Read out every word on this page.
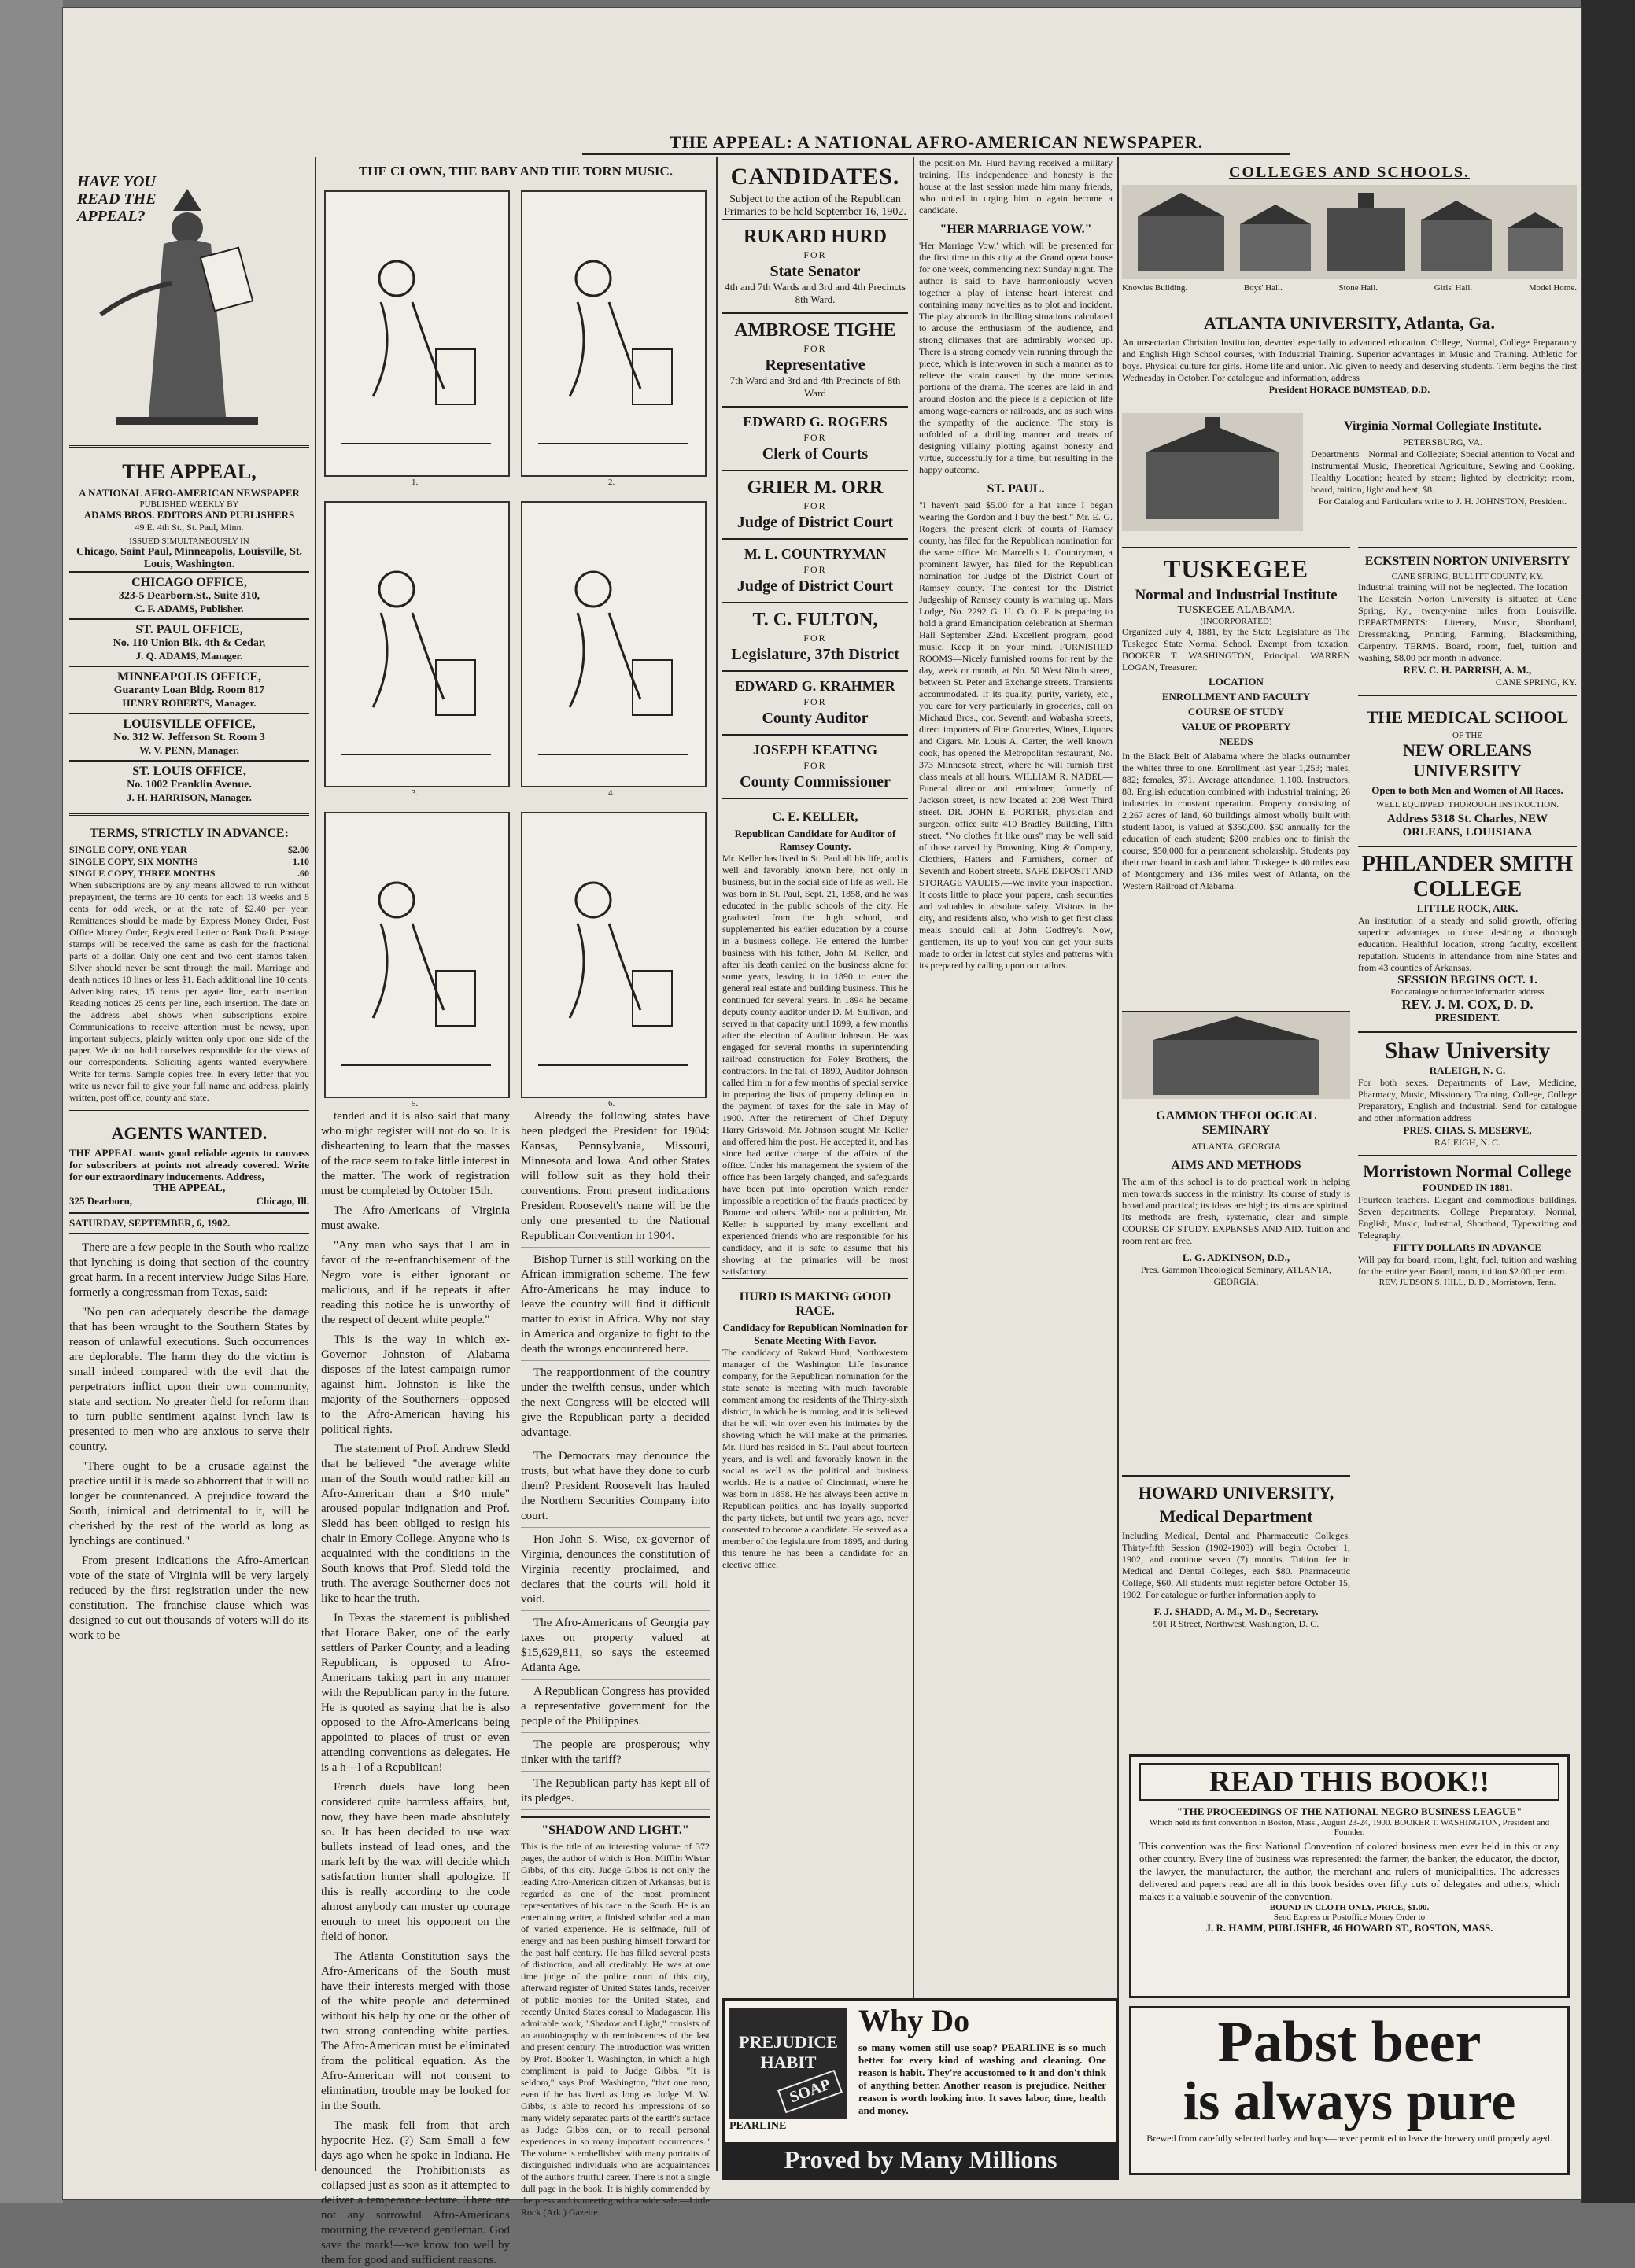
THE APPEAL: A NATIONAL AFRO-AMERICAN NEWSPAPER.
HAVE YOU READ THE APPEAL?
THE APPEAL,
A NATIONAL AFRO-AMERICAN NEWSPAPER
PUBLISHED WEEKLY BY
ADAMS BROS. EDITORS AND PUBLISHERS
49 E. 4th St., St. Paul, Minn.
ISSUED SIMULTANEOUSLY IN
Chicago, Saint Paul, Minneapolis, Louisville, St. Louis, Washington.
CHICAGO OFFICE,
323-5 Dearborn.St., Suite 310,
C. F. ADAMS, Publisher.
ST. PAUL OFFICE,
No. 110 Union Blk. 4th & Cedar,
J. Q. ADAMS, Manager.
MINNEAPOLIS OFFICE,
Guaranty Loan Bldg. Room 817
HENRY ROBERTS, Manager.
LOUISVILLE OFFICE,
No. 312 W. Jefferson St. Room 3
W. V. PENN, Manager.
ST. LOUIS OFFICE,
No. 1002 Franklin Avenue.
J. H. HARRISON, Manager.
TERMS, STRICTLY IN ADVANCE:
SINGLE COPY, ONE YEAR	$2.00
SINGLE COPY, SIX MONTHS	1.10
SINGLE COPY, THREE MONTHS	.60
When subscriptions are by any means allowed to run without prepayment, the terms are 10 cents for each 13 weeks and 5 cents for odd week, or at the rate of $2.40 per year. Remittances should be made by Express Money Order, Post Office Money Order, Registered Letter or Bank Draft. Postage stamps will be received the same as cash for the fractional parts of a dollar. Only one cent and two cent stamps taken. Silver should never be sent through the mail. Marriage and death notices 10 lines or less $1. Each additional line 10 cents. Advertising rates, 15 cents per agate line, each insertion. Reading notices 25 cents per line, each insertion. The date on the address label shows when subscriptions expire. Communications to receive attention must be newsy, upon important subjects, plainly written only upon one side of the paper. We do not hold ourselves responsible for the views of our correspondents. Soliciting agents wanted everywhere. Write for terms. Sample copies free. In every letter that you write us never fail to give your full name and address, plainly written, post office, county and state.
AGENTS WANTED.
THE APPEAL wants good reliable agents to canvass for subscribers at points not already covered. Write for our extraordinary inducements. Address,
THE APPEAL,
325 Dearborn,	Chicago, Ill.
SATURDAY, SEPTEMBER, 6, 1902.

There are a few people in the South who realize that lynching is doing that section of the country great harm. In a recent interview Judge Silas Hare, formerly a congressman from Texas, said:

"No pen can adequately describe the damage that has been wrought to the Southern States by reason of unlawful executions. Such occurrences are deplorable. The harm they do the victim is small indeed compared with the evil that the perpetrators inflict upon their own community, state and section. No greater field for reform than to turn public sentiment against lynch law is presented to men who are anxious to serve their country.

"There ought to be a crusade against the practice until it is made so abhorrent that it will no longer be countenanced. A prejudice toward the South, inimical and detrimental to it, will be cherished by the rest of the world as long as lynchings are continued."

From present indications the Afro-American vote of the state of Virginia will be very largely reduced by the first registration under the new constitution. The franchise clause which was designed to cut out thousands of voters will do its work to be

THE CLOWN, THE BABY AND THE TORN MUSIC.
1.	2.
3.	4.
5.	6.

tended and it is also said that many who might register will not do so. It is disheartening to learn that the masses of the race seem to take little interest in the matter. The work of registration must be completed by October 15th.

The Afro-Americans of Virginia must awake.

"Any man who says that I am in favor of the re-enfranchisement of the Negro vote is either ignorant or malicious, and if he repeats it after reading this notice he is unworthy of the respect of decent white people."

This is the way in which ex-Governor Johnston of Alabama disposes of the latest campaign rumor against him. Johnston is like the majority of the Southerners—opposed to the Afro-American having his political rights.

The statement of Prof. Andrew Sledd that he believed "the average white man of the South would rather kill an Afro-American than a $40 mule" aroused popular indignation and Prof. Sledd has been obliged to resign his chair in Emory College. Anyone who is acquainted with the conditions in the South knows that Prof. Sledd told the truth. The average Southerner does not like to hear the truth.

In Texas the statement is published that Horace Baker, one of the early settlers of Parker County, and a leading Republican, is opposed to Afro-Americans taking part in any manner with the Republican party in the future. He is quoted as saying that he is also opposed to the Afro-Americans being appointed to places of trust or even attending conventions as delegates. He is a h—l of a Republican!

French duels have long been considered quite harmless affairs, but, now, they have been made absolutely so. It has been decided to use wax bullets instead of lead ones, and the mark left by the wax will decide which satisfaction hunter shall apologize. If this is really according to the code almost anybody can muster up courage enough to meet his opponent on the field of honor.

The Atlanta Constitution says the Afro-Americans of the South must have their interests merged with those of the white people and determined without his help by one or the other of two strong contending white parties. The Afro-American must be eliminated from the political equation. As the Afro-American will not consent to elimination, trouble may be looked for in the South.

The mask fell from that arch hypocrite Hez. (?) Sam Small a few days ago when he spoke in Indiana. He denounced the Prohibitionists as collapsed just as soon as it attempted to deliver a temperance lecture. There are not any sorrowful Afro-Americans mourning the reverend gentleman. God save the mark!—we know too well by them for good and sufficient reasons.

Already the following states have been pledged the President for 1904: Kansas, Pennsylvania, Missouri, Minnesota and Iowa. And other States will follow suit as they hold their conventions. From present indications President Roosevelt's name will be the only one presented to the National Republican Convention in 1904.

Bishop Turner is still working on the African immigration scheme. The few Afro-Americans he may induce to leave the country will find it difficult matter to exist in Africa. Why not stay in America and organize to fight to the death the wrongs encountered here.

The reapportionment of the country under the twelfth census, under which the next Congress will be elected will give the Republican party a decided advantage.

The Democrats may denounce the trusts, but what have they done to curb them? President Roosevelt has hauled the Northern Securities Company into court.

Hon John S. Wise, ex-governor of Virginia, denounces the constitution of Virginia recently proclaimed, and declares that the courts will hold it void.

The Afro-Americans of Georgia pay taxes on property valued at $15,629,811, so says the esteemed Atlanta Age.

A Republican Congress has provided a representative government for the people of the Philippines.

The people are prosperous; why tinker with the tariff?

The Republican party has kept all of its pledges.

"SHADOW AND LIGHT."
This is the title of an interesting volume of 372 pages, the author of which is Hon. Mifflin Wistar Gibbs, of this city. Judge Gibbs is not only the leading Afro-American citizen of Arkansas, but is regarded as one of the most prominent representatives of his race in the South. He is an entertaining writer, a finished scholar and a man of varied experience. He is selfmade, full of energy and has been pushing himself forward for the past half century. He has filled several posts of distinction, and all creditably. He was at one time judge of the police court of this city, afterward register of United States lands, receiver of public monies for the United States, and recently United States consul to Madagascar. His admirable work, "Shadow and Light," consists of an autobiography with reminiscences of the last and present century. The introduction was written by Prof. Booker T. Washington, in which a high compliment is paid to Judge Gibbs. "It is seldom," says Prof. Washington, "that one man, even if he has lived as long as Judge M. W. Gibbs, is able to record his impressions of so many widely separated parts of the earth's surface as Judge Gibbs can, or to recall personal experiences in so many important occurrences." The volume is embellished with many portraits of distinguished individuals who are acquaintances of the author's fruitful career. There is not a single dull page in the book. It is highly commended by the press and is meeting with a wide sale.—Little Rock (Ark.) Gazette.
CANDIDATES.
Subject to the action of the Republican Primaries to be held September 16, 1902.
RUKARD HURD
FOR
State Senator
4th and 7th Wards and 3rd and 4th Precincts 8th Ward.
AMBROSE TIGHE
FOR
Representative
7th Ward and 3rd and 4th Precincts of 8th Ward
EDWARD G. ROGERS
FOR
Clerk of Courts
GRIER M. ORR
FOR
Judge of District Court
M. L. COUNTRYMAN
FOR
Judge of District Court
T. C. FULTON,
FOR
Legislature, 37th District
EDWARD G. KRAHMER
FOR
County Auditor
JOSEPH KEATING
FOR
County Commissioner
C. E. KELLER,
Republican Candidate for Auditor of Ramsey County.
Mr. Keller has lived in St. Paul all his life, and is well and favorably known here, not only in business, but in the social side of life as well. He was born in St. Paul, Sept. 21, 1858, and he was educated in the public schools of the city. He graduated from the high school, and supplemented his earlier education by a course in a business college. He entered the lumber business with his father, John M. Keller, and after his death carried on the business alone for some years, leaving it in 1890 to enter the general real estate and building business. This he continued for several years. In 1894 he became deputy county auditor under D. M. Sullivan, and served in that capacity until 1899, a few months after the election of Auditor Johnson. He was engaged for several months in superintending railroad construction for Foley Brothers, the contractors. In the fall of 1899, Auditor Johnson called him in for a few months of special service in preparing the lists of property delinquent in the payment of taxes for the sale in May of 1900. After the retirement of Chief Deputy Harry Griswold, Mr. Johnson sought Mr. Keller and offered him the post. He accepted it, and has since had active charge of the affairs of the office. Under his management the system of the office has been largely changed, and safeguards have been put into operation which render impossible a repetition of the frauds practiced by Bourne and others. While not a politician, Mr. Keller is supported by many excellent and experienced friends who are responsible for his candidacy, and it is safe to assume that his showing at the primaries will be most satisfactory.
HURD IS MAKING GOOD RACE.
Candidacy for Republican Nomination for Senate Meeting With Favor.
The candidacy of Rukard Hurd, Northwestern manager of the Washington Life Insurance company, for the Republican nomination for the state senate is meeting with much favorable comment among the residents of the Thirty-sixth district, in which he is running, and it is believed that he will win over even his intimates by the showing which he will make at the primaries. Mr. Hurd has resided in St. Paul about fourteen years, and is well and favorably known in the social as well as the political and business worlds. He is a native of Cincinnati, where he was born in 1858. He has always been active in Republican politics, and has loyally supported the party tickets, but until two years ago, never consented to become a candidate. He served as a member of the legislature from 1895, and during this tenure he has been a candidate for an elective office.
the position Mr. Hurd having received a military training. His independence and honesty is the house at the last session made him many friends, who united in urging him to again become a candidate.
"HER MARRIAGE VOW."
'Her Marriage Vow,' which will be presented for the first time to this city at the Grand opera house for one week, commencing next Sunday night. The author is said to have harmoniously woven together a play of intense heart interest and containing many novelties as to plot and incident. The play abounds in thrilling situations calculated to arouse the enthusiasm of the audience, and strong climaxes that are admirably worked up. There is a strong comedy vein running through the piece, which is interwoven in such a manner as to relieve the strain caused by the more serious portions of the drama. The scenes are laid in and around Boston and the piece is a depiction of life among wage-earners or railroads, and as such wins the sympathy of the audience. The story is unfolded of a thrilling manner and treats of designing villainy plotting against honesty and virtue, successfully for a time, but resulting in the happy outcome.
ST. PAUL.
"I haven't paid $5.00 for a hat since I began wearing the Gordon and I buy the best." Mr. E. G. Rogers, the present clerk of courts of Ramsey county, has filed for the Republican nomination for the same office. Mr. Marcellus L. Countryman, a prominent lawyer, has filed for the Republican nomination for Judge of the District Court of Ramsey county. The contest for the District Judgeship of Ramsey county is warming up. Mars Lodge, No. 2292 G. U. O. O. F. is preparing to hold a grand Emancipation celebration at Sherman Hall September 22nd. Excellent program, good music. Keep it on your mind. FURNISHED ROOMS—Nicely furnished rooms for rent by the day, week or month, at No. 50 West Ninth street, between St. Peter and Exchange streets. Transients accommodated. If its quality, purity, variety, etc., you care for very particularly in groceries, call on Michaud Bros., cor. Seventh and Wabasha streets, direct importers of Fine Groceries, Wines, Liquors and Cigars. Mr. Louis A. Carter, the well known cook, has opened the Metropolitan restaurant, No. 373 Minnesota street, where he will furnish first class meals at all hours. WILLIAM R. NADEL—Funeral director and embalmer, formerly of Jackson street, is now located at 208 West Third street. DR. JOHN E. PORTER, physician and surgeon, office suite 410 Bradley Building, Fifth street. "No clothes fit like ours" may be well said of those carved by Browning, King & Company, Clothiers, Hatters and Furnishers, corner of Seventh and Robert streets. SAFE DEPOSIT AND STORAGE VAULTS.—We invite your inspection. It costs little to place your papers, cash securities and valuables in absolute safety. Visitors in the city, and residents also, who wish to get first class meals should call at John Godfrey's. Now, gentlemen, its up to you! You can get your suits made to order in latest cut styles and patterns with its prepared by calling upon our tailors.
PREJUDICE HABIT
SOAP
Why Do
so many women still use soap? PEARLINE is so much better for every kind of washing and cleaning. One reason is habit. They're accustomed to it and don't think of anything better. Another reason is prejudice. Neither reason is worth looking into. It saves labor, time, health and money.
PEARLINE
Proved by Many Millions
COLLEGES AND SCHOOLS.
Knowles Building.	Boys' Hall.	Stone Hall.	Girls' Hall.	Model Home.
ATLANTA UNIVERSITY, Atlanta, Ga.
An unsectarian Christian Institution, devoted especially to advanced education. College, Normal, College Preparatory and English High School courses, with Industrial Training. Superior advantages in Music and Training. Athletic for boys. Physical culture for girls. Home life and union. Aid given to needy and deserving students. Term begins the first Wednesday in October. For catalogue and information, address
President HORACE BUMSTEAD, D.D.
Virginia Normal Collegiate Institute.
PETERSBURG, VA.
Departments—Normal and Collegiate; Special attention to Vocal and Instrumental Music, Theoretical Agriculture, Sewing and Cooking. Healthy Location; heated by steam; lighted by electricity; room, board, tuition, light and heat, $8.
For Catalog and Particulars write to J. H. JOHNSTON, President.
TUSKEGEE
Normal and Industrial Institute
TUSKEGEE ALABAMA.
(INCORPORATED)
Organized July 4, 1881, by the State Legislature as The Tuskegee State Normal School. Exempt from taxation. BOOKER T. WASHINGTON, Principal. WARREN LOGAN, Treasurer.
LOCATION
ENROLLMENT AND FACULTY
COURSE OF STUDY
VALUE OF PROPERTY
NEEDS
In the Black Belt of Alabama where the blacks outnumber the whites three to one. Enrollment last year 1,253; males, 882; females, 371. Average attendance, 1,100. Instructors, 88. English education combined with industrial training; 26 industries in constant operation. Property consisting of 2,267 acres of land, 60 buildings almost wholly built with student labor, is valued at $350,000. $50 annually for the education of each student; $200 enables one to finish the course; $50,000 for a permanent scholarship. Students pay their own board in cash and labor. Tuskegee is 40 miles east of Montgomery and 136 miles west of Atlanta, on the Western Railroad of Alabama.
GAMMON THEOLOGICAL SEMINARY
ATLANTA, GEORGIA
AIMS AND METHODS
The aim of this school is to do practical work in helping men towards success in the ministry. Its course of study is broad and practical; its ideas are high; its aims are spiritual. Its methods are fresh, systematic, clear and simple. COURSE OF STUDY. EXPENSES AND AID. Tuition and room rent are free.
L. G. ADKINSON, D.D.,
Pres. Gammon Theological Seminary, ATLANTA, GEORGIA.
HOWARD UNIVERSITY,
Medical Department
Including Medical, Dental and Pharmaceutic Colleges. Thirty-fifth Session (1902-1903) will begin October 1, 1902, and continue seven (7) months. Tuition fee in Medical and Dental Colleges, each $80. Pharmaceutic College, $60. All students must register before October 15, 1902. For catalogue or further information apply to
F. J. SHADD, A. M., M. D., Secretary.
901 R Street, Northwest, Washington, D. C.
ECKSTEIN NORTON UNIVERSITY
CANE SPRING, BULLITT COUNTY, KY.
Industrial training will not be neglected. The location—The Eckstein Norton University is situated at Cane Spring, Ky., twenty-nine miles from Louisville. DEPARTMENTS: Literary, Music, Shorthand, Dressmaking, Printing, Farming, Blacksmithing, Carpentry. TERMS. Board, room, fuel, tuition and washing, $8.00 per month in advance.
REV. C. H. PARRISH, A. M.,
CANE SPRING, KY.
THE MEDICAL SCHOOL
OF THE
NEW ORLEANS UNIVERSITY
Open to both Men and Women of All Races.
WELL EQUIPPED. THOROUGH INSTRUCTION.
Address 5318 St. Charles, NEW ORLEANS, LOUISIANA
PHILANDER SMITH
COLLEGE
LITTLE ROCK, ARK.
An institution of a steady and solid growth, offering superior advantages to those desiring a thorough education. Healthful location, strong faculty, excellent reputation. Students in attendance from nine States and from 43 counties of Arkansas.
SESSION BEGINS OCT. 1.
For catalogue or further information address
REV. J. M. COX, D. D.
PRESIDENT.
Shaw University
RALEIGH, N. C.
For both sexes. Departments of Law, Medicine, Pharmacy, Music, Missionary Training, College, College Preparatory, English and Industrial. Send for catalogue and other information address
PRES. CHAS. S. MESERVE,
RALEIGH, N. C.
Morristown Normal College
FOUNDED IN 1881.
Fourteen teachers. Elegant and commodious buildings. Seven departments: College Preparatory, Normal, English, Music, Industrial, Shorthand, Typewriting and Telegraphy.
FIFTY DOLLARS IN ADVANCE
Will pay for board, room, light, fuel, tuition and washing for the entire year. Board, room, tuition $2.00 per term.
REV. JUDSON S. HILL, D. D., Morristown, Tenn.
READ THIS BOOK!!
"THE PROCEEDINGS OF THE NATIONAL NEGRO BUSINESS LEAGUE"
Which held its first convention in Boston, Mass., August 23-24, 1900. BOOKER T. WASHINGTON, President and Founder.
This convention was the first National Convention of colored business men ever held in this or any other country. Every line of business was represented: the farmer, the banker, the educator, the doctor, the lawyer, the manufacturer, the author, the merchant and rulers of municipalities. The addresses delivered and papers read are all in this book besides over fifty cuts of delegates and others, which makes it a valuable souvenir of the convention.
BOUND IN CLOTH ONLY. PRICE, $1.00.
Send Express or Postoffice Money Order to
J. R. HAMM, PUBLISHER, 46 HOWARD ST., BOSTON, MASS.
Pabst beer
is always pure
Brewed from carefully selected barley and hops—never permitted to leave the brewery until properly aged.
